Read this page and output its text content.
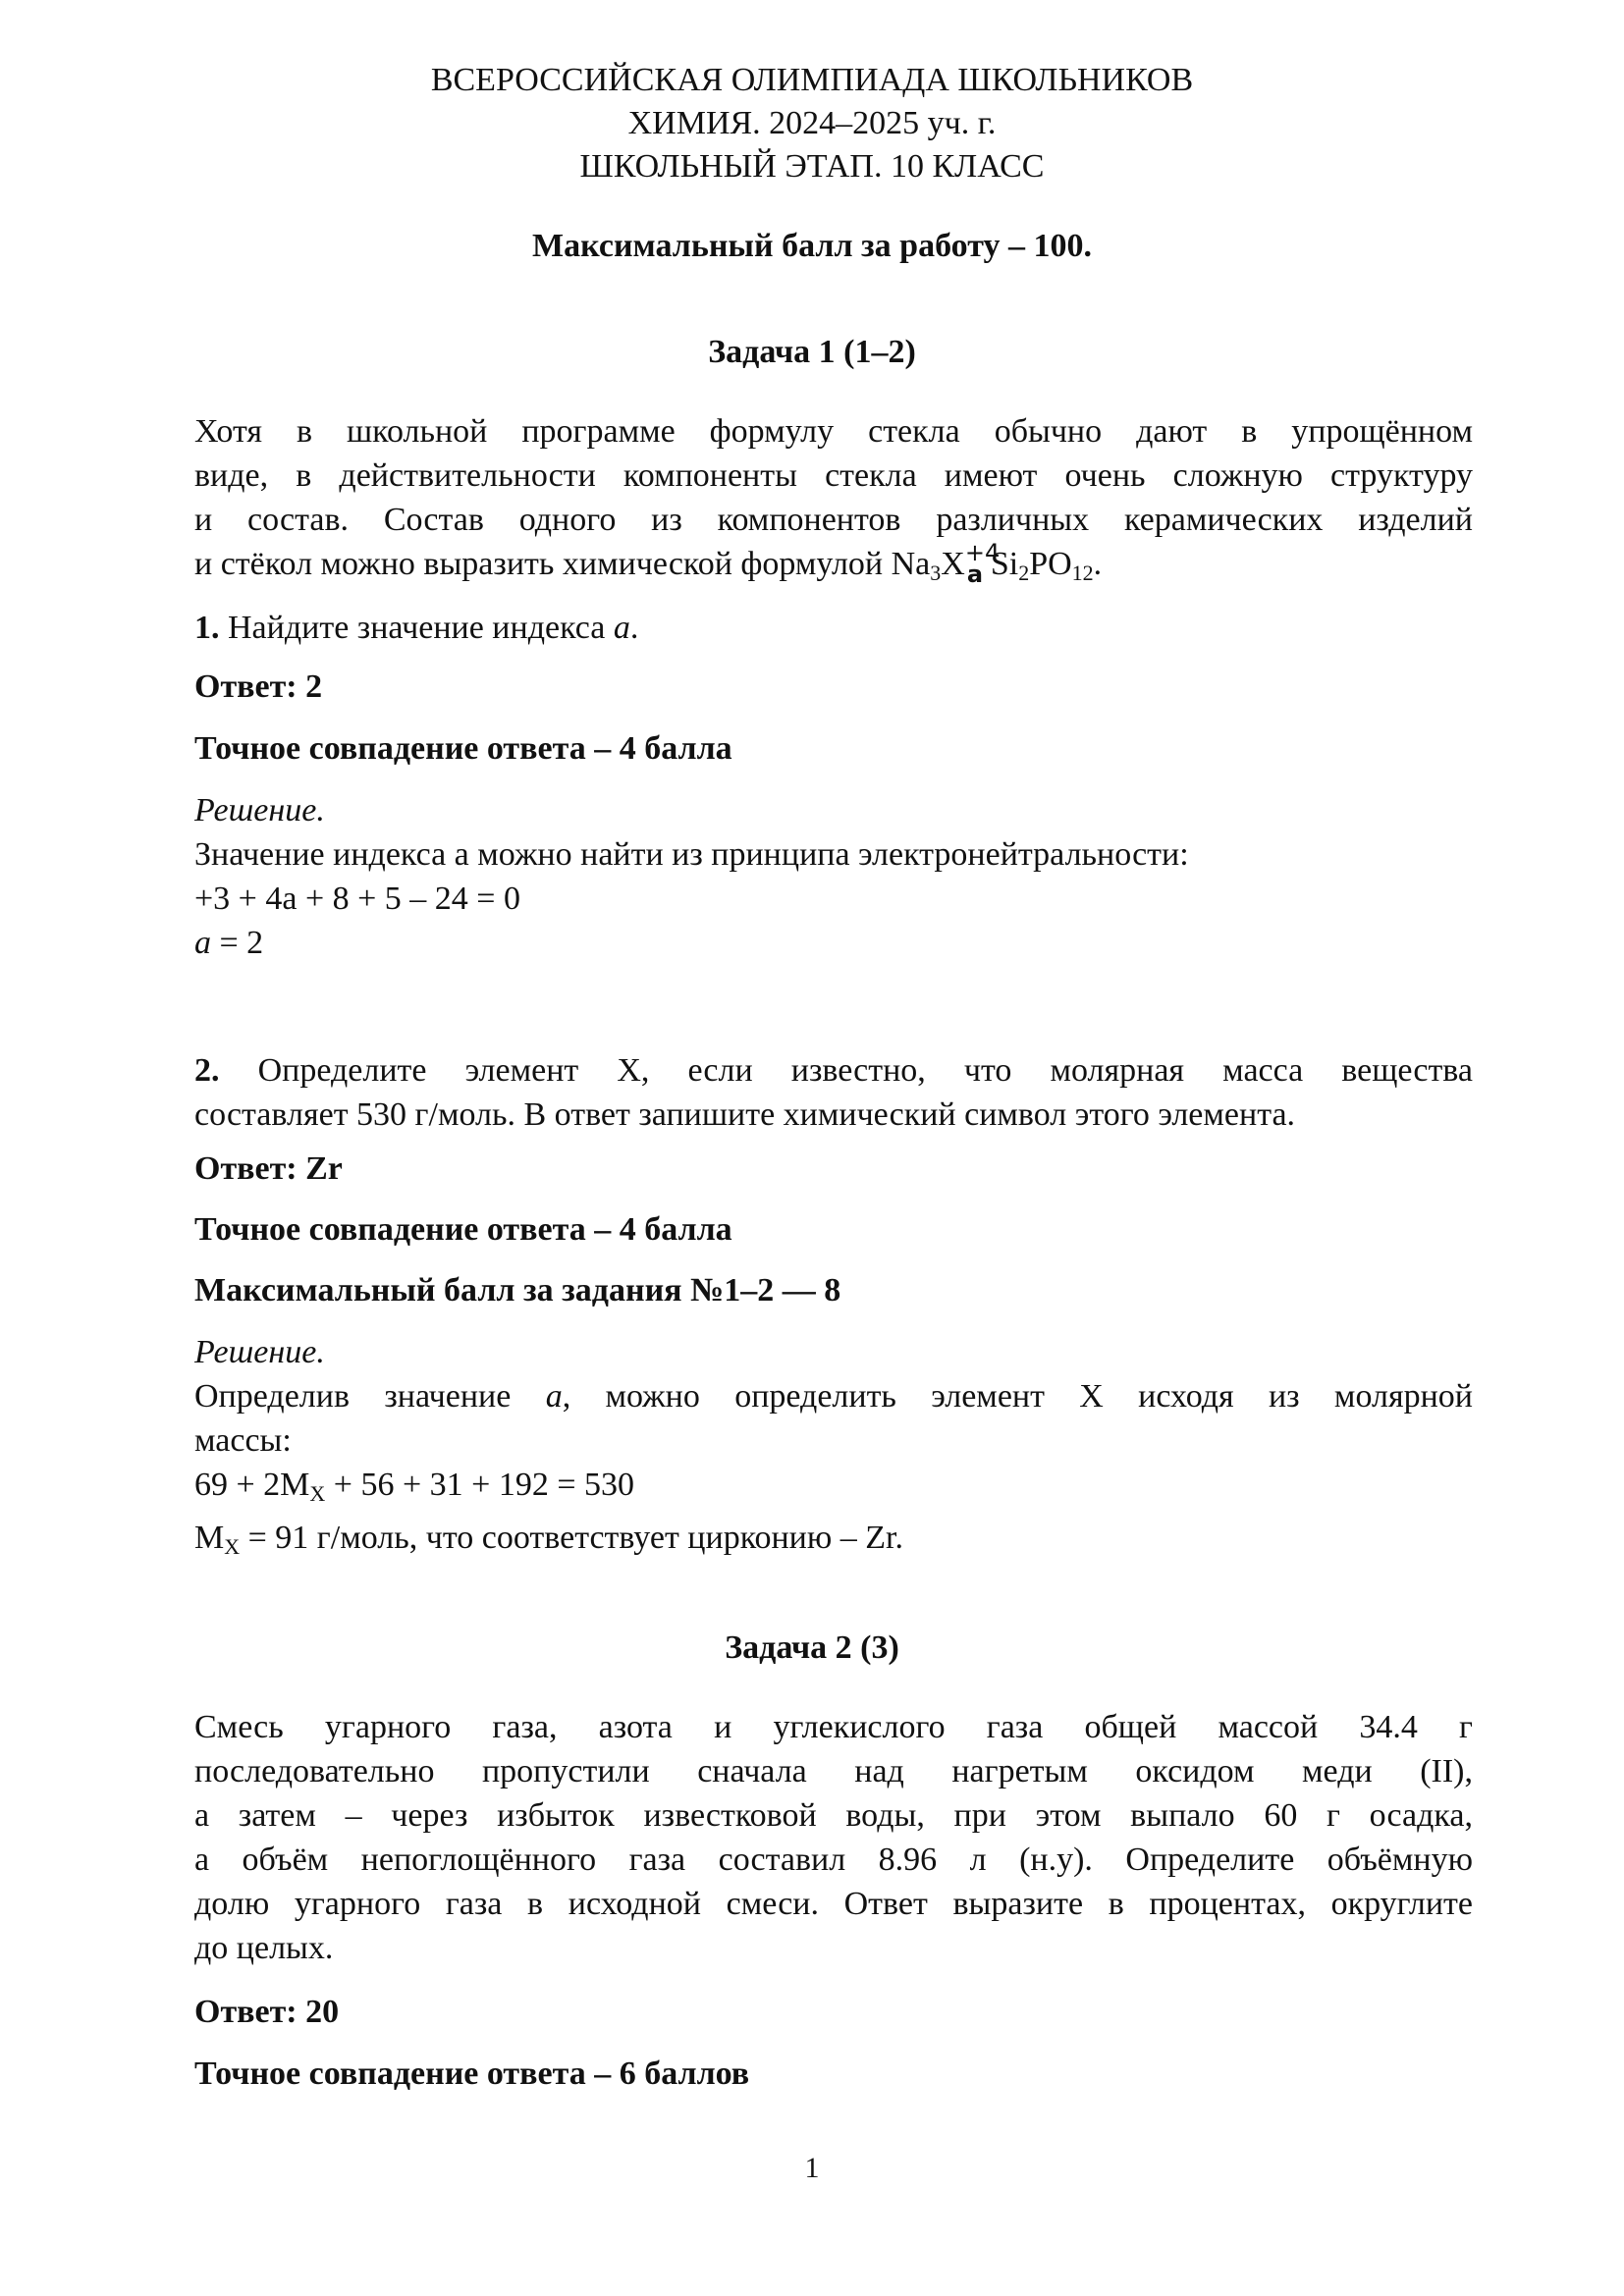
ВСЕРОССИЙСКАЯ ОЛИМПИАДА ШКОЛЬНИКОВ
ХИМИЯ. 2024–2025 уч. г.
ШКОЛЬНЫЙ ЭТАП. 10 КЛАСС
Максимальный балл за работу – 100.
Задача 1 (1–2)
Хотя в школьной программе формулу стекла обычно дают в упрощённом
виде, в действительности компоненты стекла имеют очень сложную структуру
и состав. Состав одного из компонентов различных керамических изделий
и стёкол можно выразить химической формулой $Na_3X +4$
a $Si_2PO_{12}$.
1. Найдите значение индекса a.
Ответ: 2
Точное совпадение ответа – 4 балла
Решение.
Значение индекса а можно найти из принципа электронейтральности:
+3 + 4a + 8 + 5 – 24 = 0
a = 2
2. Определите элемент X, если известно, что молярная масса вещества
составляет 530 г/моль. В ответ запишите химический символ этого элемента.
Ответ: Zr
Точное совпадение ответа – 4 балла
Максимальный балл за задания №1–2 — 8
Решение.
Определив значение a, можно определить элемент X исходя из молярной
массы:
$69 + 2M_X + 56 + 31 + 192 = 530$
$M_X = 91$ г/моль, что соответствует цирконию – Zr.
Задача 2 (3)
Смесь угарного газа, азота и углекислого газа общей массой 34.4 г
последовательно пропустили сначала над нагретым оксидом меди (II),
а затем – через избыток известковой воды, при этом выпало 60 г осадка,
а объём непоглощённого газа составил 8.96 л (н.у). Определите объёмную
долю угарного газа в исходной смеси. Ответ выразите в процентах, округлите
до целых.
Ответ: 20
Точное совпадение ответа – 6 баллов
1
